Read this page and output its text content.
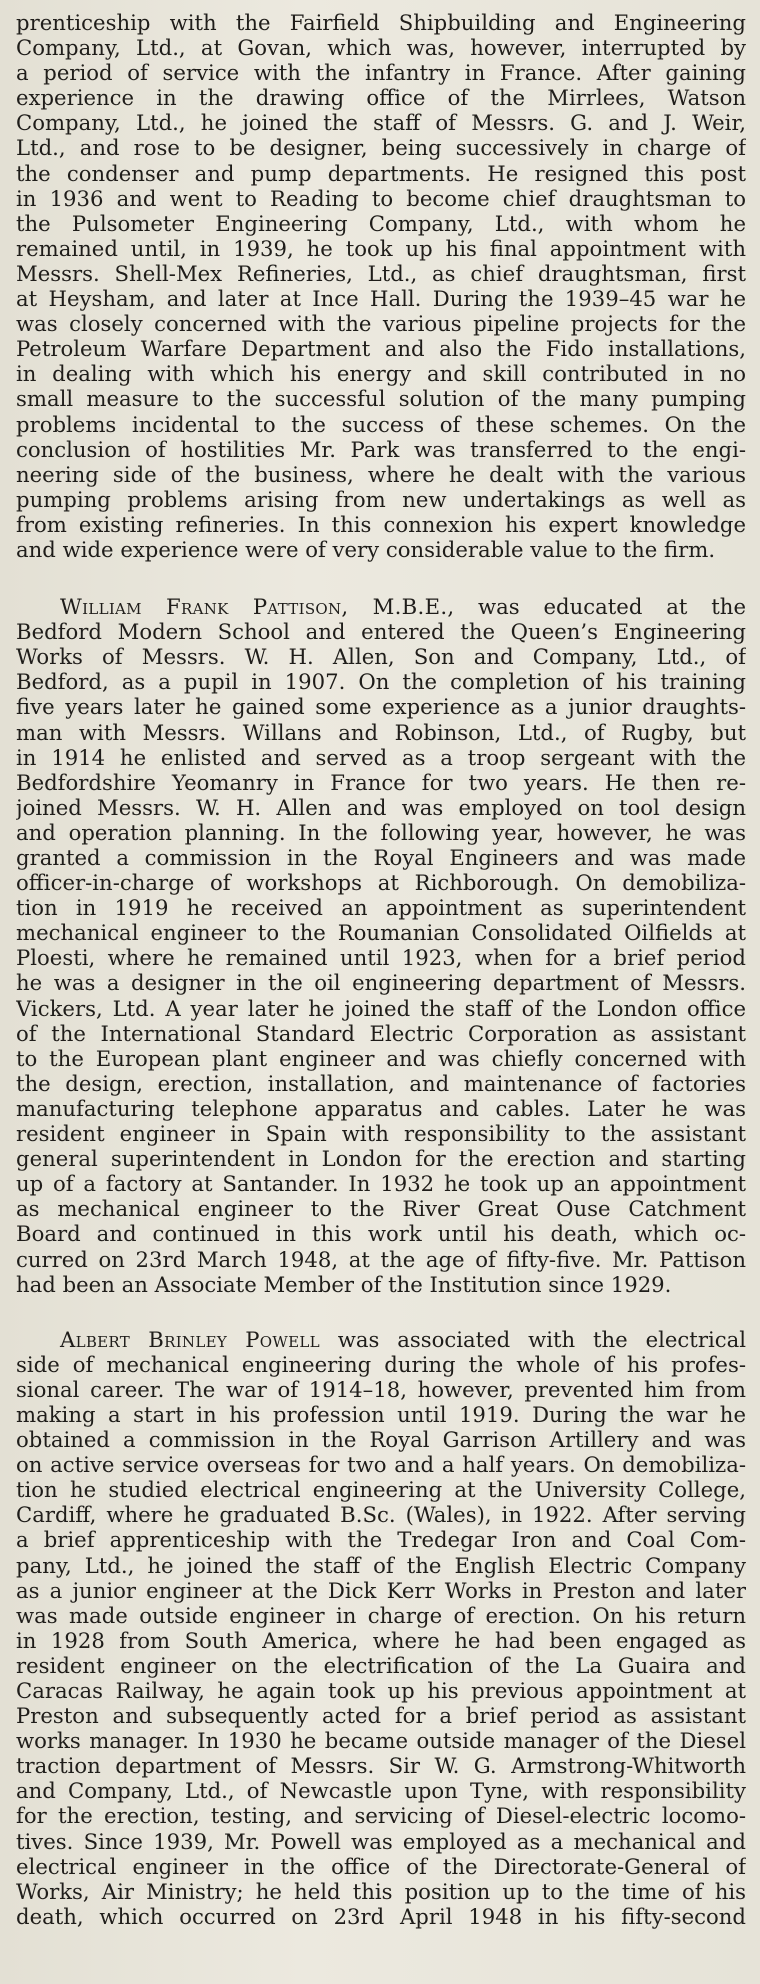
prenticeship with the Fairfield Shipbuilding and Engineering
Company, Ltd., at Govan, which was, however, interrupted by
a period of service with the infantry in France. After gaining
experience in the drawing office of the Mirrlees, Watson
Company, Ltd., he joined the staff of Messrs. G. and J. Weir,
Ltd., and rose to be designer, being successively in charge of
the condenser and pump departments. He resigned this post
in 1936 and went to Reading to become chief draughtsman to
the Pulsometer Engineering Company, Ltd., with whom he
remained until, in 1939, he took up his final appointment with
Messrs. Shell-Mex Refineries, Ltd., as chief draughtsman, first
at Heysham, and later at Ince Hall. During the 1939–45 war he
was closely concerned with the various pipeline projects for the
Petroleum Warfare Department and also the Fido installations,
in dealing with which his energy and skill contributed in no
small measure to the successful solution of the many pumping
problems incidental to the success of these schemes. On the
conclusion of hostilities Mr. Park was transferred to the engi-
neering side of the business, where he dealt with the various
pumping problems arising from new undertakings as well as
from existing refineries. In this connexion his expert knowledge
and wide experience were of very considerable value to the firm.
William Frank Pattison, M.B.E., was educated at the
Bedford Modern School and entered the Queen’s Engineering
Works of Messrs. W. H. Allen, Son and Company, Ltd., of
Bedford, as a pupil in 1907. On the completion of his training
five years later he gained some experience as a junior draughts-
man with Messrs. Willans and Robinson, Ltd., of Rugby, but
in 1914 he enlisted and served as a troop sergeant with the
Bedfordshire Yeomanry in France for two years. He then re-
joined Messrs. W. H. Allen and was employed on tool design
and operation planning. In the following year, however, he was
granted a commission in the Royal Engineers and was made
officer-in-charge of workshops at Richborough. On demobiliza-
tion in 1919 he received an appointment as superintendent
mechanical engineer to the Roumanian Consolidated Oilfields at
Ploesti, where he remained until 1923, when for a brief period
he was a designer in the oil engineering department of Messrs.
Vickers, Ltd. A year later he joined the staff of the London office
of the International Standard Electric Corporation as assistant
to the European plant engineer and was chiefly concerned with
the design, erection, installation, and maintenance of factories
manufacturing telephone apparatus and cables. Later he was
resident engineer in Spain with responsibility to the assistant
general superintendent in London for the erection and starting
up of a factory at Santander. In 1932 he took up an appointment
as mechanical engineer to the River Great Ouse Catchment
Board and continued in this work until his death, which oc-
curred on 23rd March 1948, at the age of fifty-five. Mr. Pattison
had been an Associate Member of the Institution since 1929.
Albert Brinley Powell was associated with the electrical
side of mechanical engineering during the whole of his profes-
sional career. The war of 1914–18, however, prevented him from
making a start in his profession until 1919. During the war he
obtained a commission in the Royal Garrison Artillery and was
on active service overseas for two and a half years. On demobiliza-
tion he studied electrical engineering at the University College,
Cardiff, where he graduated B.Sc. (Wales), in 1922. After serving
a brief apprenticeship with the Tredegar Iron and Coal Com-
pany, Ltd., he joined the staff of the English Electric Company
as a junior engineer at the Dick Kerr Works in Preston and later
was made outside engineer in charge of erection. On his return
in 1928 from South America, where he had been engaged as
resident engineer on the electrification of the La Guaira and
Caracas Railway, he again took up his previous appointment at
Preston and subsequently acted for a brief period as assistant
works manager. In 1930 he became outside manager of the Diesel
traction department of Messrs. Sir W. G. Armstrong-Whitworth
and Company, Ltd., of Newcastle upon Tyne, with responsibility
for the erection, testing, and servicing of Diesel-electric locomo-
tives. Since 1939, Mr. Powell was employed as a mechanical and
electrical engineer in the office of the Directorate-General of
Works, Air Ministry; he held this position up to the time of his
death, which occurred on 23rd April 1948 in his fifty-second
